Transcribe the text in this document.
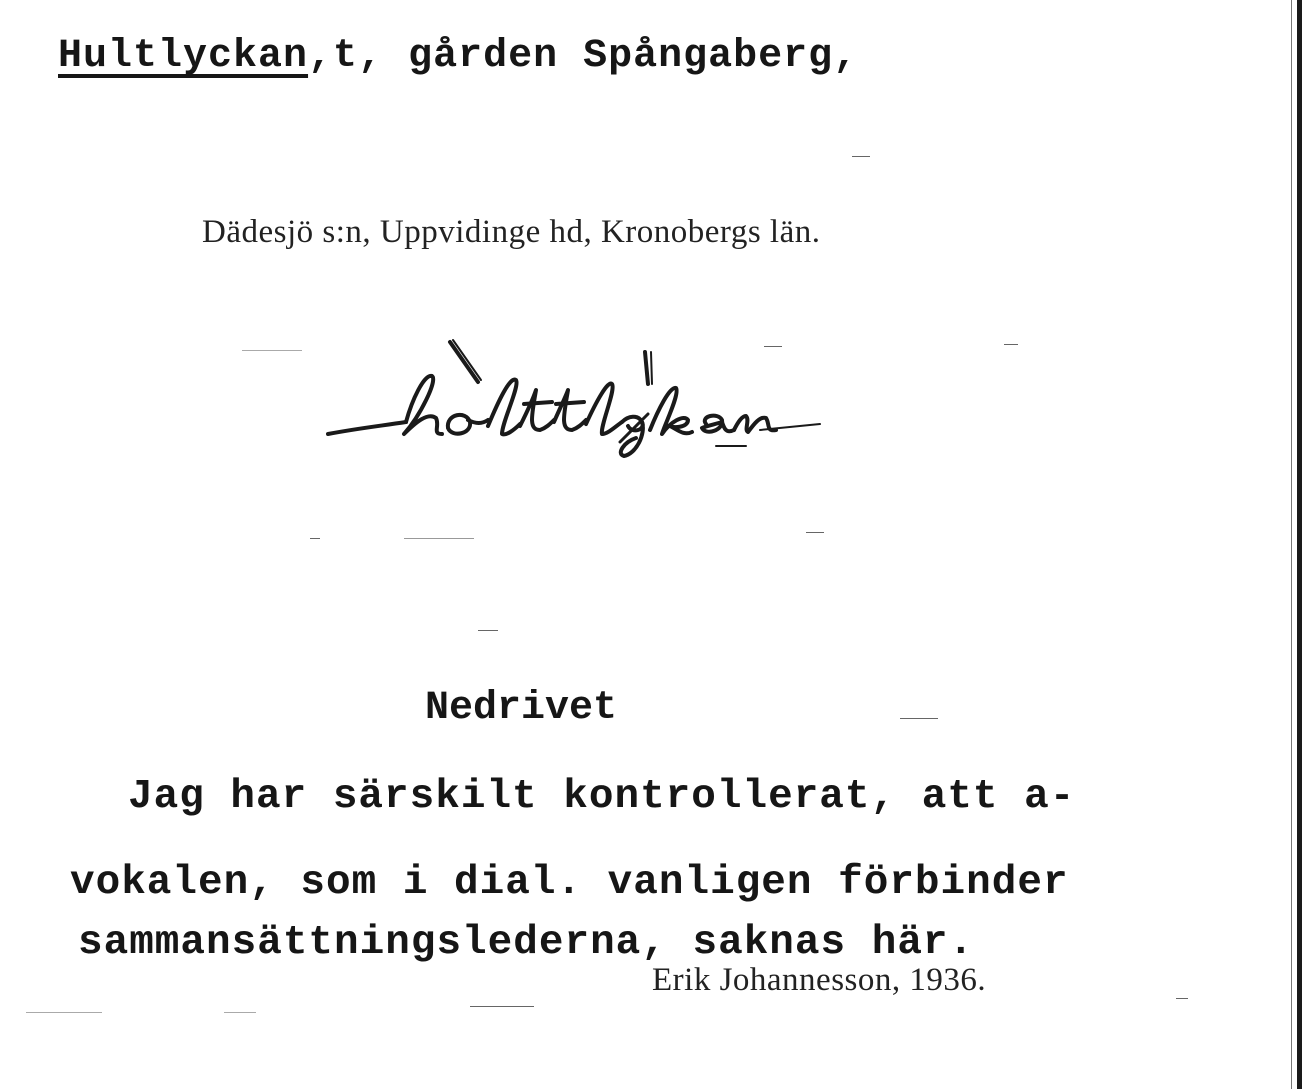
Hultlyckan,t, gården Spångaberg,
Dädesjö s:n, Uppvidinge hd, Kronobergs län.
Nedrivet
Jag har särskilt kontrollerat, att a-
vokalen, som i dial. vanligen förbinder
sammansättningslederna, saknas här.
Erik Johannesson, 1936.
